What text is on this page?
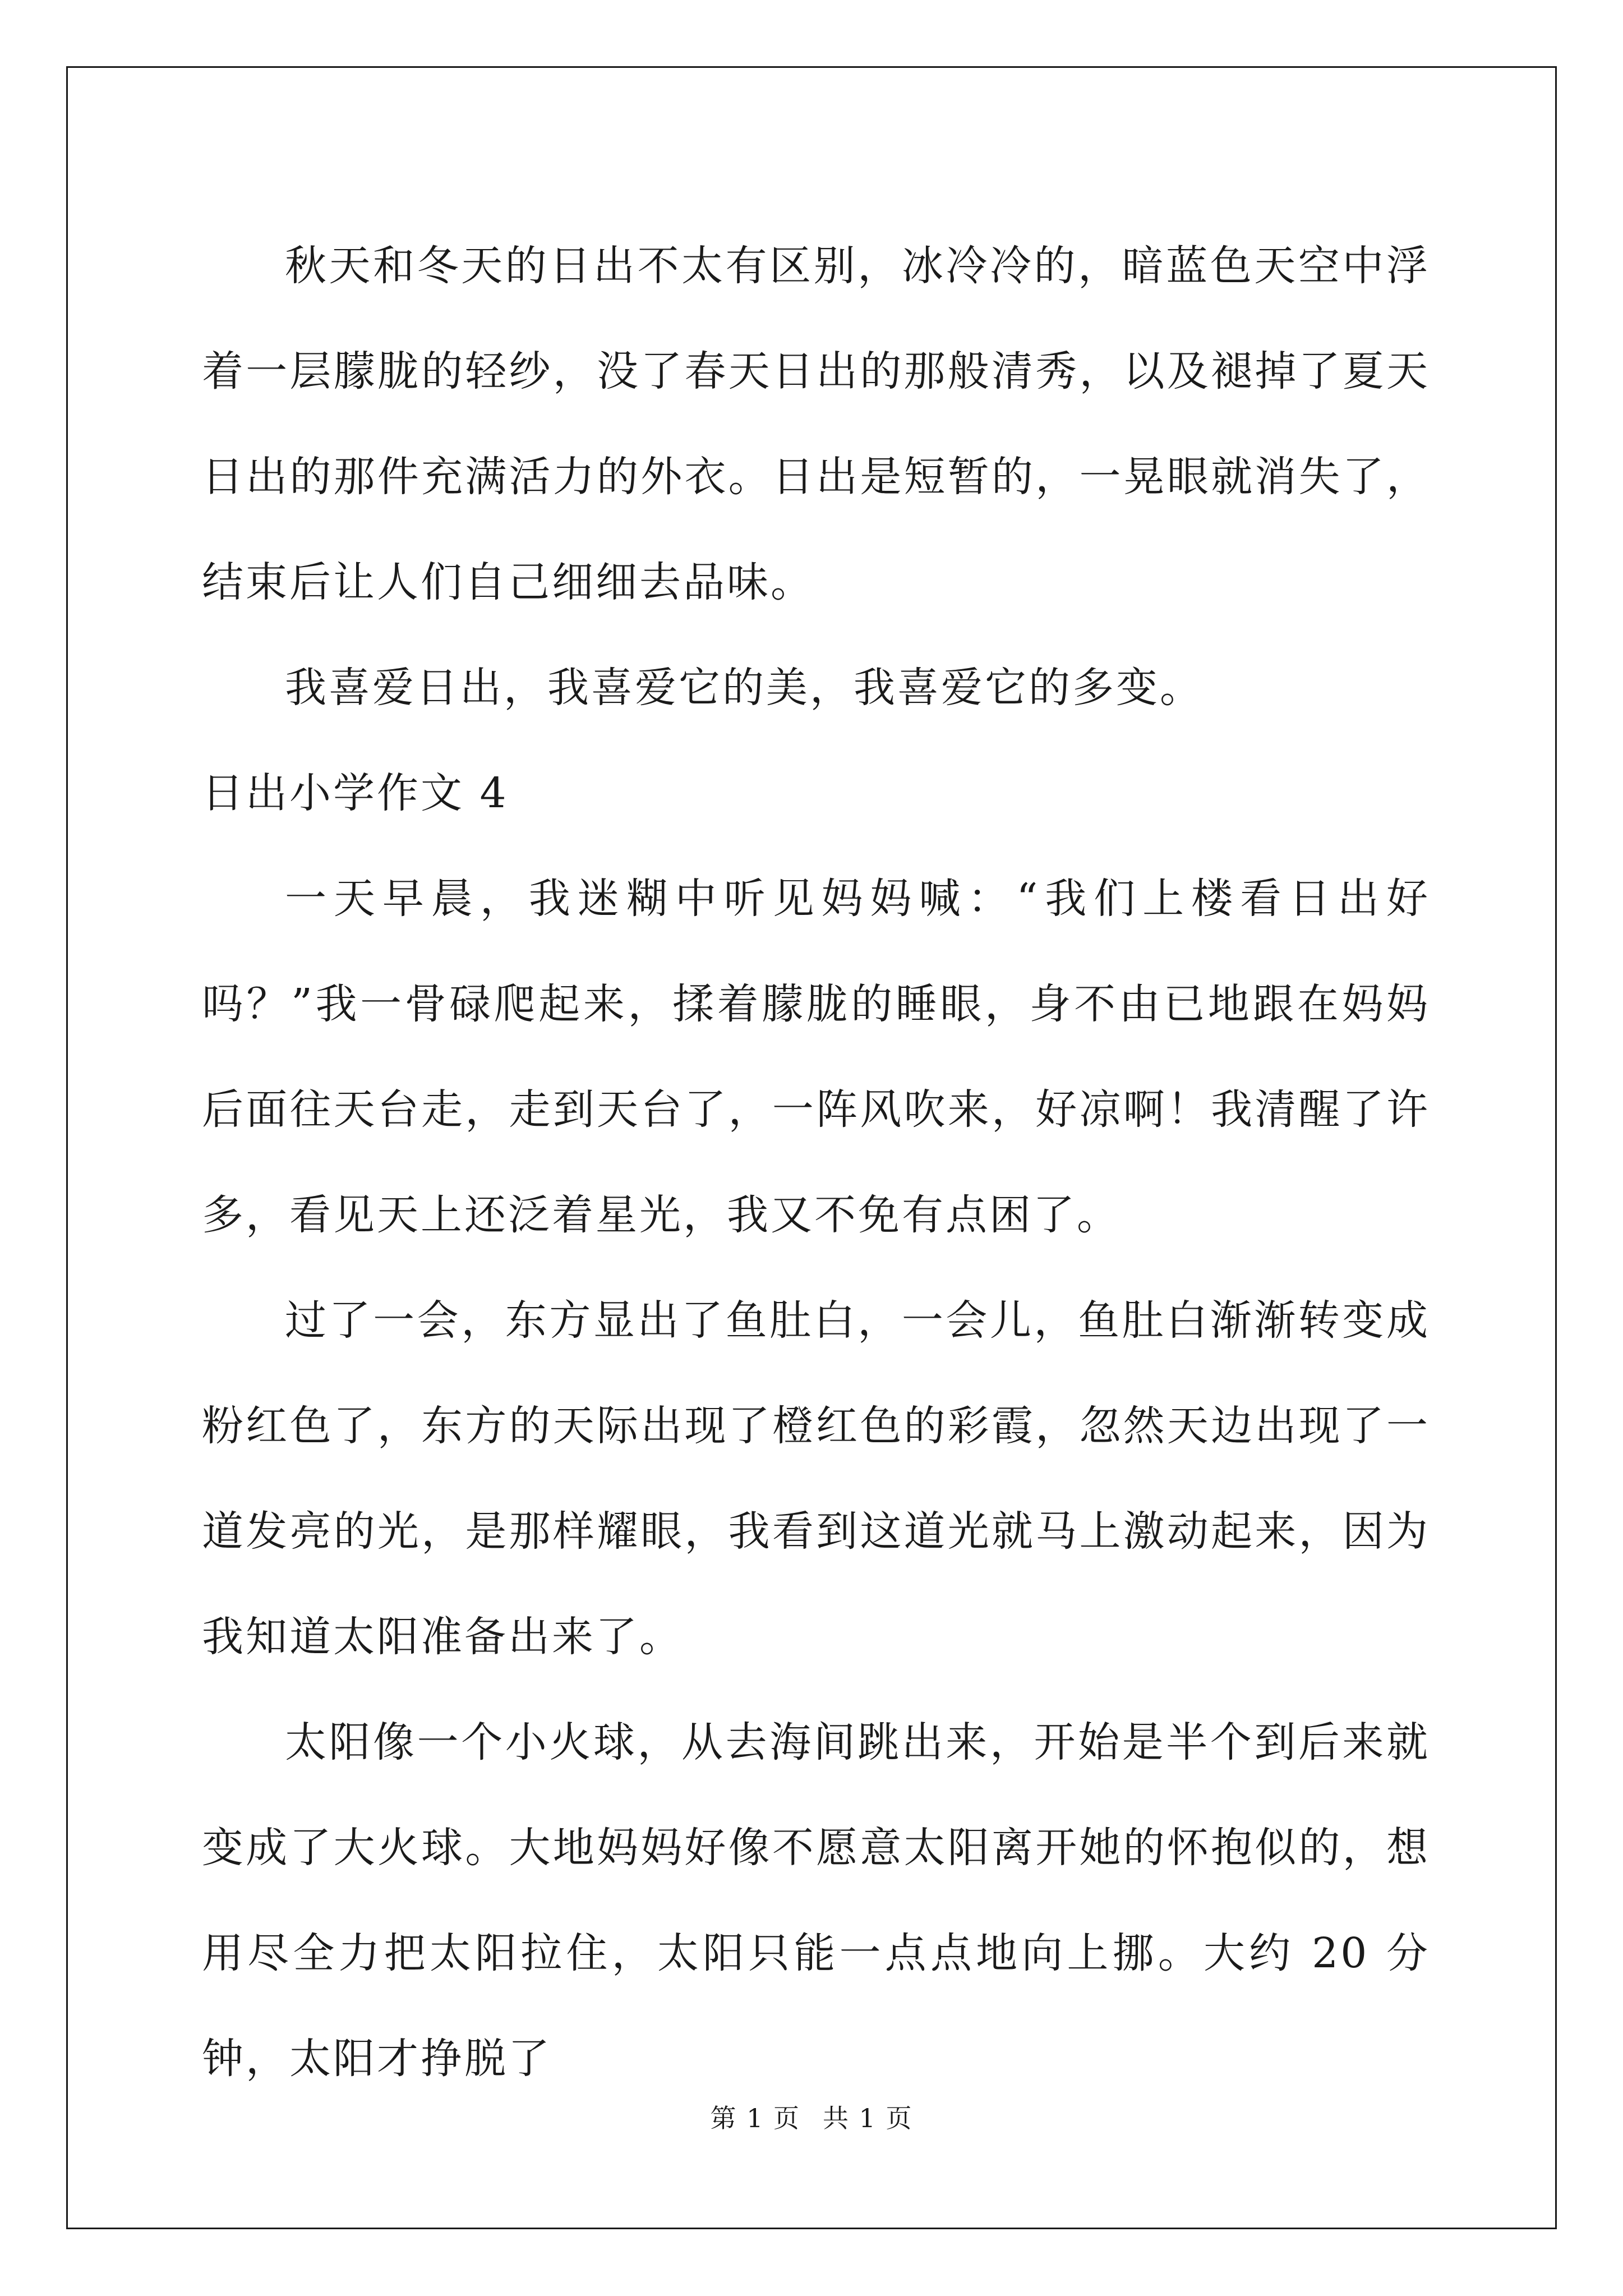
秋天和冬天的日出不太有区别，冰冷冷的，暗蓝色天空中浮着一层朦胧的轻纱，没了春天日出的那般清秀，以及褪掉了夏天日出的那件充满活力的外衣。日出是短暂的，一晃眼就消失了，结束后让人们自己细细去品味。

我喜爱日出，我喜爱它的美，我喜爱它的多变。

日出小学作文 4

一天早晨，我迷糊中听见妈妈喊：“我们上楼看日出好吗？”我一骨碌爬起来，揉着朦胧的睡眼，身不由已地跟在妈妈后面往天台走，走到天台了，一阵风吹来，好凉啊！我清醒了许多，看见天上还泛着星光，我又不免有点困了。

过了一会，东方显出了鱼肚白，一会儿，鱼肚白渐渐转变成粉红色了，东方的天际出现了橙红色的彩霞，忽然天边出现了一道发亮的光，是那样耀眼，我看到这道光就马上激动起来，因为我知道太阳准备出来了。

太阳像一个小火球，从去海间跳出来，开始是半个到后来就变成了大火球。大地妈妈好像不愿意太阳离开她的怀抱似的，想用尽全力把太阳拉住，太阳只能一点点地向上挪。大约 20 分钟，太阳才挣脱了

第 1 页 共 1 页
